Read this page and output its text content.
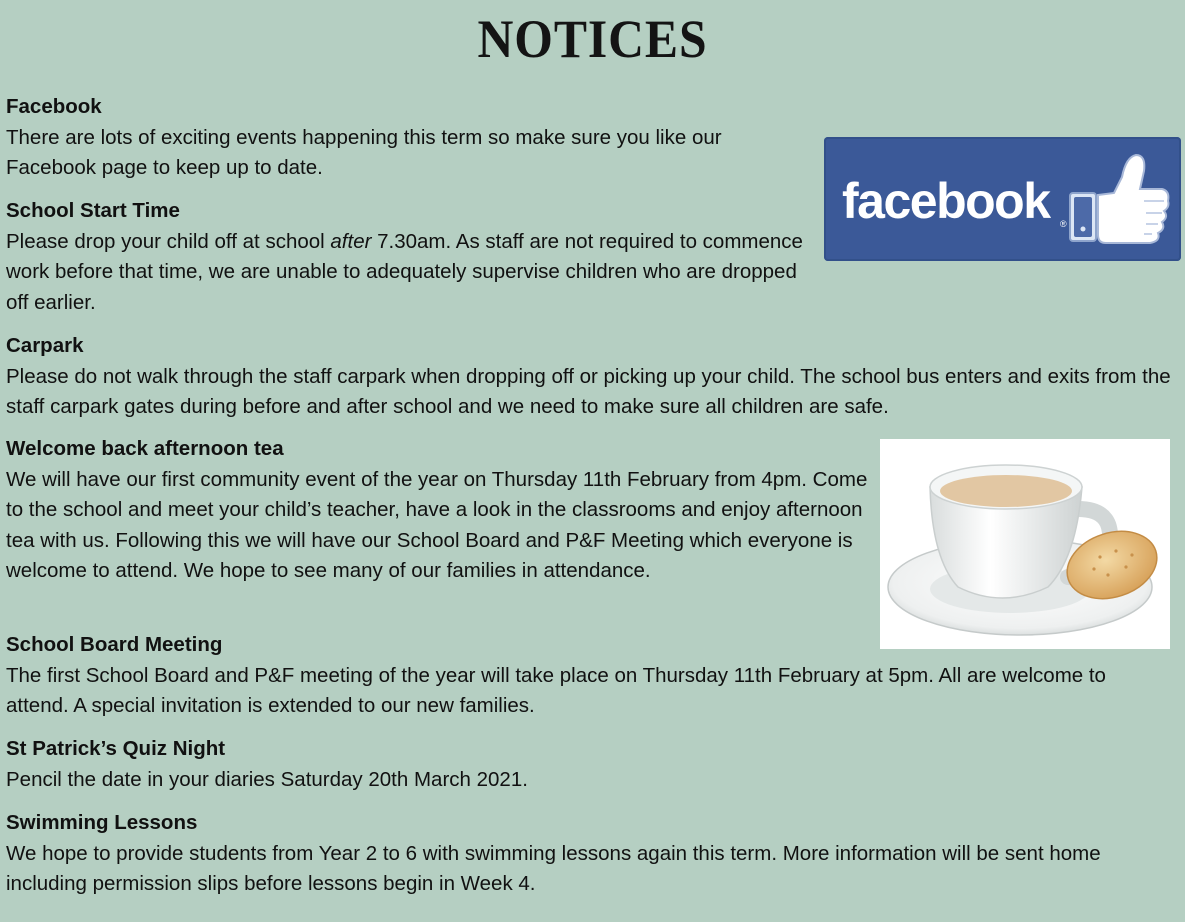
NOTICES
Facebook
There are lots of exciting events happening this term so make sure you like our Facebook page to keep up to date.
facebook ®
School Start Time
Please drop your child off at school after 7.30am. As staff are not required to commence work before that time, we are unable to adequately supervise children who are dropped off earlier.
Carpark
Please do not walk through the staff carpark when dropping off or picking up your child. The school bus enters and exits from the staff carpark gates during before and after school and we need to make sure all children are safe.
Welcome back afternoon tea
We will have our first community event of the year on Thursday 11th February from 4pm. Come to the school and meet your child’s teacher, have a look in the classrooms and enjoy afternoon tea with us. Following this we will have our School Board and P&F Meeting which everyone is welcome to attend. We hope to see many of our families in attendance.
School Board Meeting
The first School Board and P&F meeting of the year will take place on Thursday 11th February at 5pm. All are welcome to attend. A special invitation is extended to our new families.
St Patrick’s Quiz Night
Pencil the date in your diaries Saturday 20th March 2021.
Swimming Lessons
We hope to provide students from Year 2 to 6 with swimming lessons again this term. More information will be sent home including permission slips before lessons begin in Week 4.
